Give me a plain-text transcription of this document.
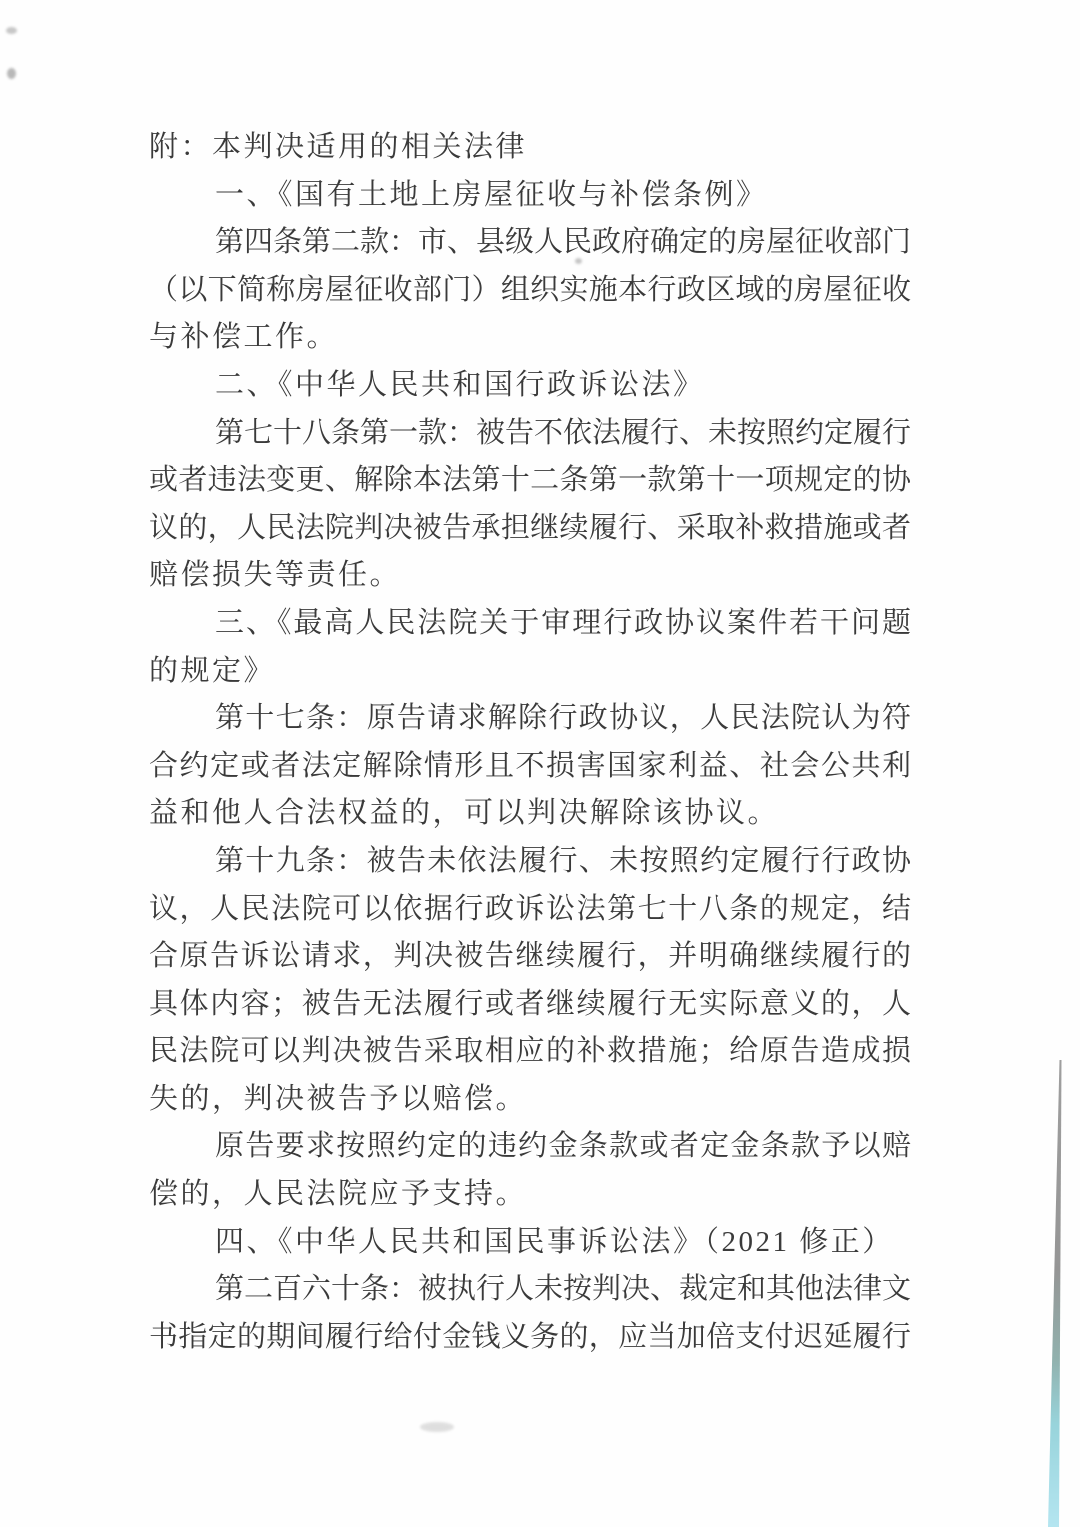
附：本判决适用的相关法律
一、《国有土地上房屋征收与补偿条例》
第四条第二款：市、县级人民政府确定的房屋征收部门
（以下简称房屋征收部门）组织实施本行政区域的房屋征收
与补偿工作。
二、《中华人民共和国行政诉讼法》
第七十八条第一款：被告不依法履行、未按照约定履行
或者违法变更、解除本法第十二条第一款第十一项规定的协
议的，人民法院判决被告承担继续履行、采取补救措施或者
赔偿损失等责任。
三、《最高人民法院关于审理行政协议案件若干问题
的规定》
第十七条：原告请求解除行政协议，人民法院认为符
合约定或者法定解除情形且不损害国家利益、社会公共利
益和他人合法权益的，可以判决解除该协议。
第十九条：被告未依法履行、未按照约定履行行政协
议，人民法院可以依据行政诉讼法第七十八条的规定，结
合原告诉讼请求，判决被告继续履行，并明确继续履行的
具体内容；被告无法履行或者继续履行无实际意义的，人
民法院可以判决被告采取相应的补救措施；给原告造成损
失的，判决被告予以赔偿。
原告要求按照约定的违约金条款或者定金条款予以赔
偿的，人民法院应予支持。
四、《中华人民共和国民事诉讼法》（2021 修正）
第二百六十条：被执行人未按判决、裁定和其他法律文
书指定的期间履行给付金钱义务的，应当加倍支付迟延履行
